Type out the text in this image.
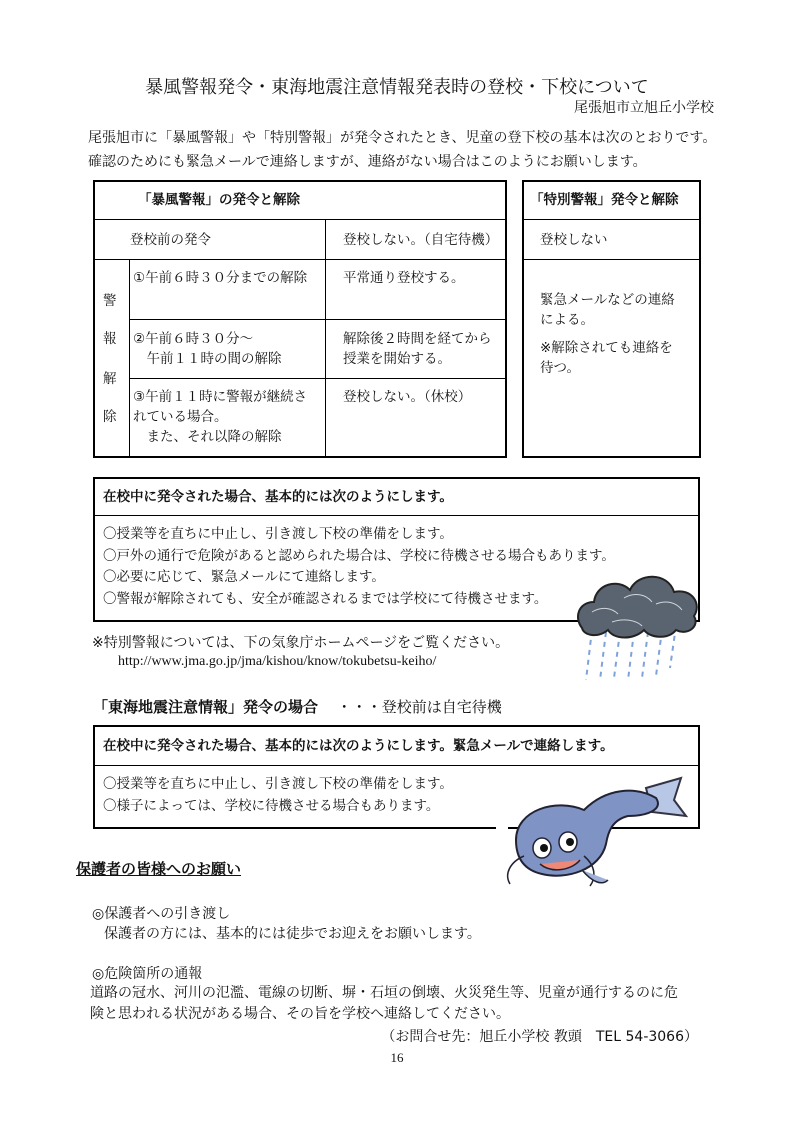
暴風警報発令・東海地震注意情報発表時の登校・下校について
尾張旭市立旭丘小学校
尾張旭市に「暴風警報」や「特別警報」が発令されたとき、児童の登下校の基本は次のとおりです。
確認のためにも緊急メールで連絡しますが、連絡がない場合はこのようにお願いします。
「暴風警報」の発令と解除
登校前の発令	登校しない。（自宅待機）
警
報
解
除
①午前６時３０分までの解除	平常通り登校する。
②午前６時３０分～
　午前１１時の間の解除
解除後２時間を経てから
授業を開始する。
③午前１１時に警報が継続さ
れている場合。
　また、それ以降の解除
登校しない。（休校）
「特別警報」発令と解除
登校しない
緊急メールなどの連絡
による。
※解除されても連絡を
待つ。
在校中に発令された場合、基本的には次のようにします。
〇授業等を直ちに中止し、引き渡し下校の準備をします。
〇戸外の通行で危険があると認められた場合は、学校に待機させる場合もあります。
〇必要に応じて、緊急メールにて連絡します。
〇警報が解除されても、安全が確認されるまでは学校にて待機させます。
※特別警報については、下の気象庁ホームページをご覧ください。
http://www.jma.go.jp/jma/kishou/know/tokubetsu-keiho/
「東海地震注意情報」発令の場合 ・・・登校前は自宅待機
在校中に発令された場合、基本的には次のようにします。緊急メールで連絡します。
〇授業等を直ちに中止し、引き渡し下校の準備をします。
〇様子によっては、学校に待機させる場合もあります。
保護者の皆様へのお願い
◎保護者への引き渡し
保護者の方には、基本的には徒歩でお迎えをお願いします。
◎危険箇所の通報
道路の冠水、河川の氾濫、電線の切断、塀・石垣の倒壊、火災発生等、児童が通行するのに危
険と思われる状況がある場合、その旨を学校へ連絡してください。
（お問合せ先：旭丘小学校 教頭　TEL 54-3066）
16
